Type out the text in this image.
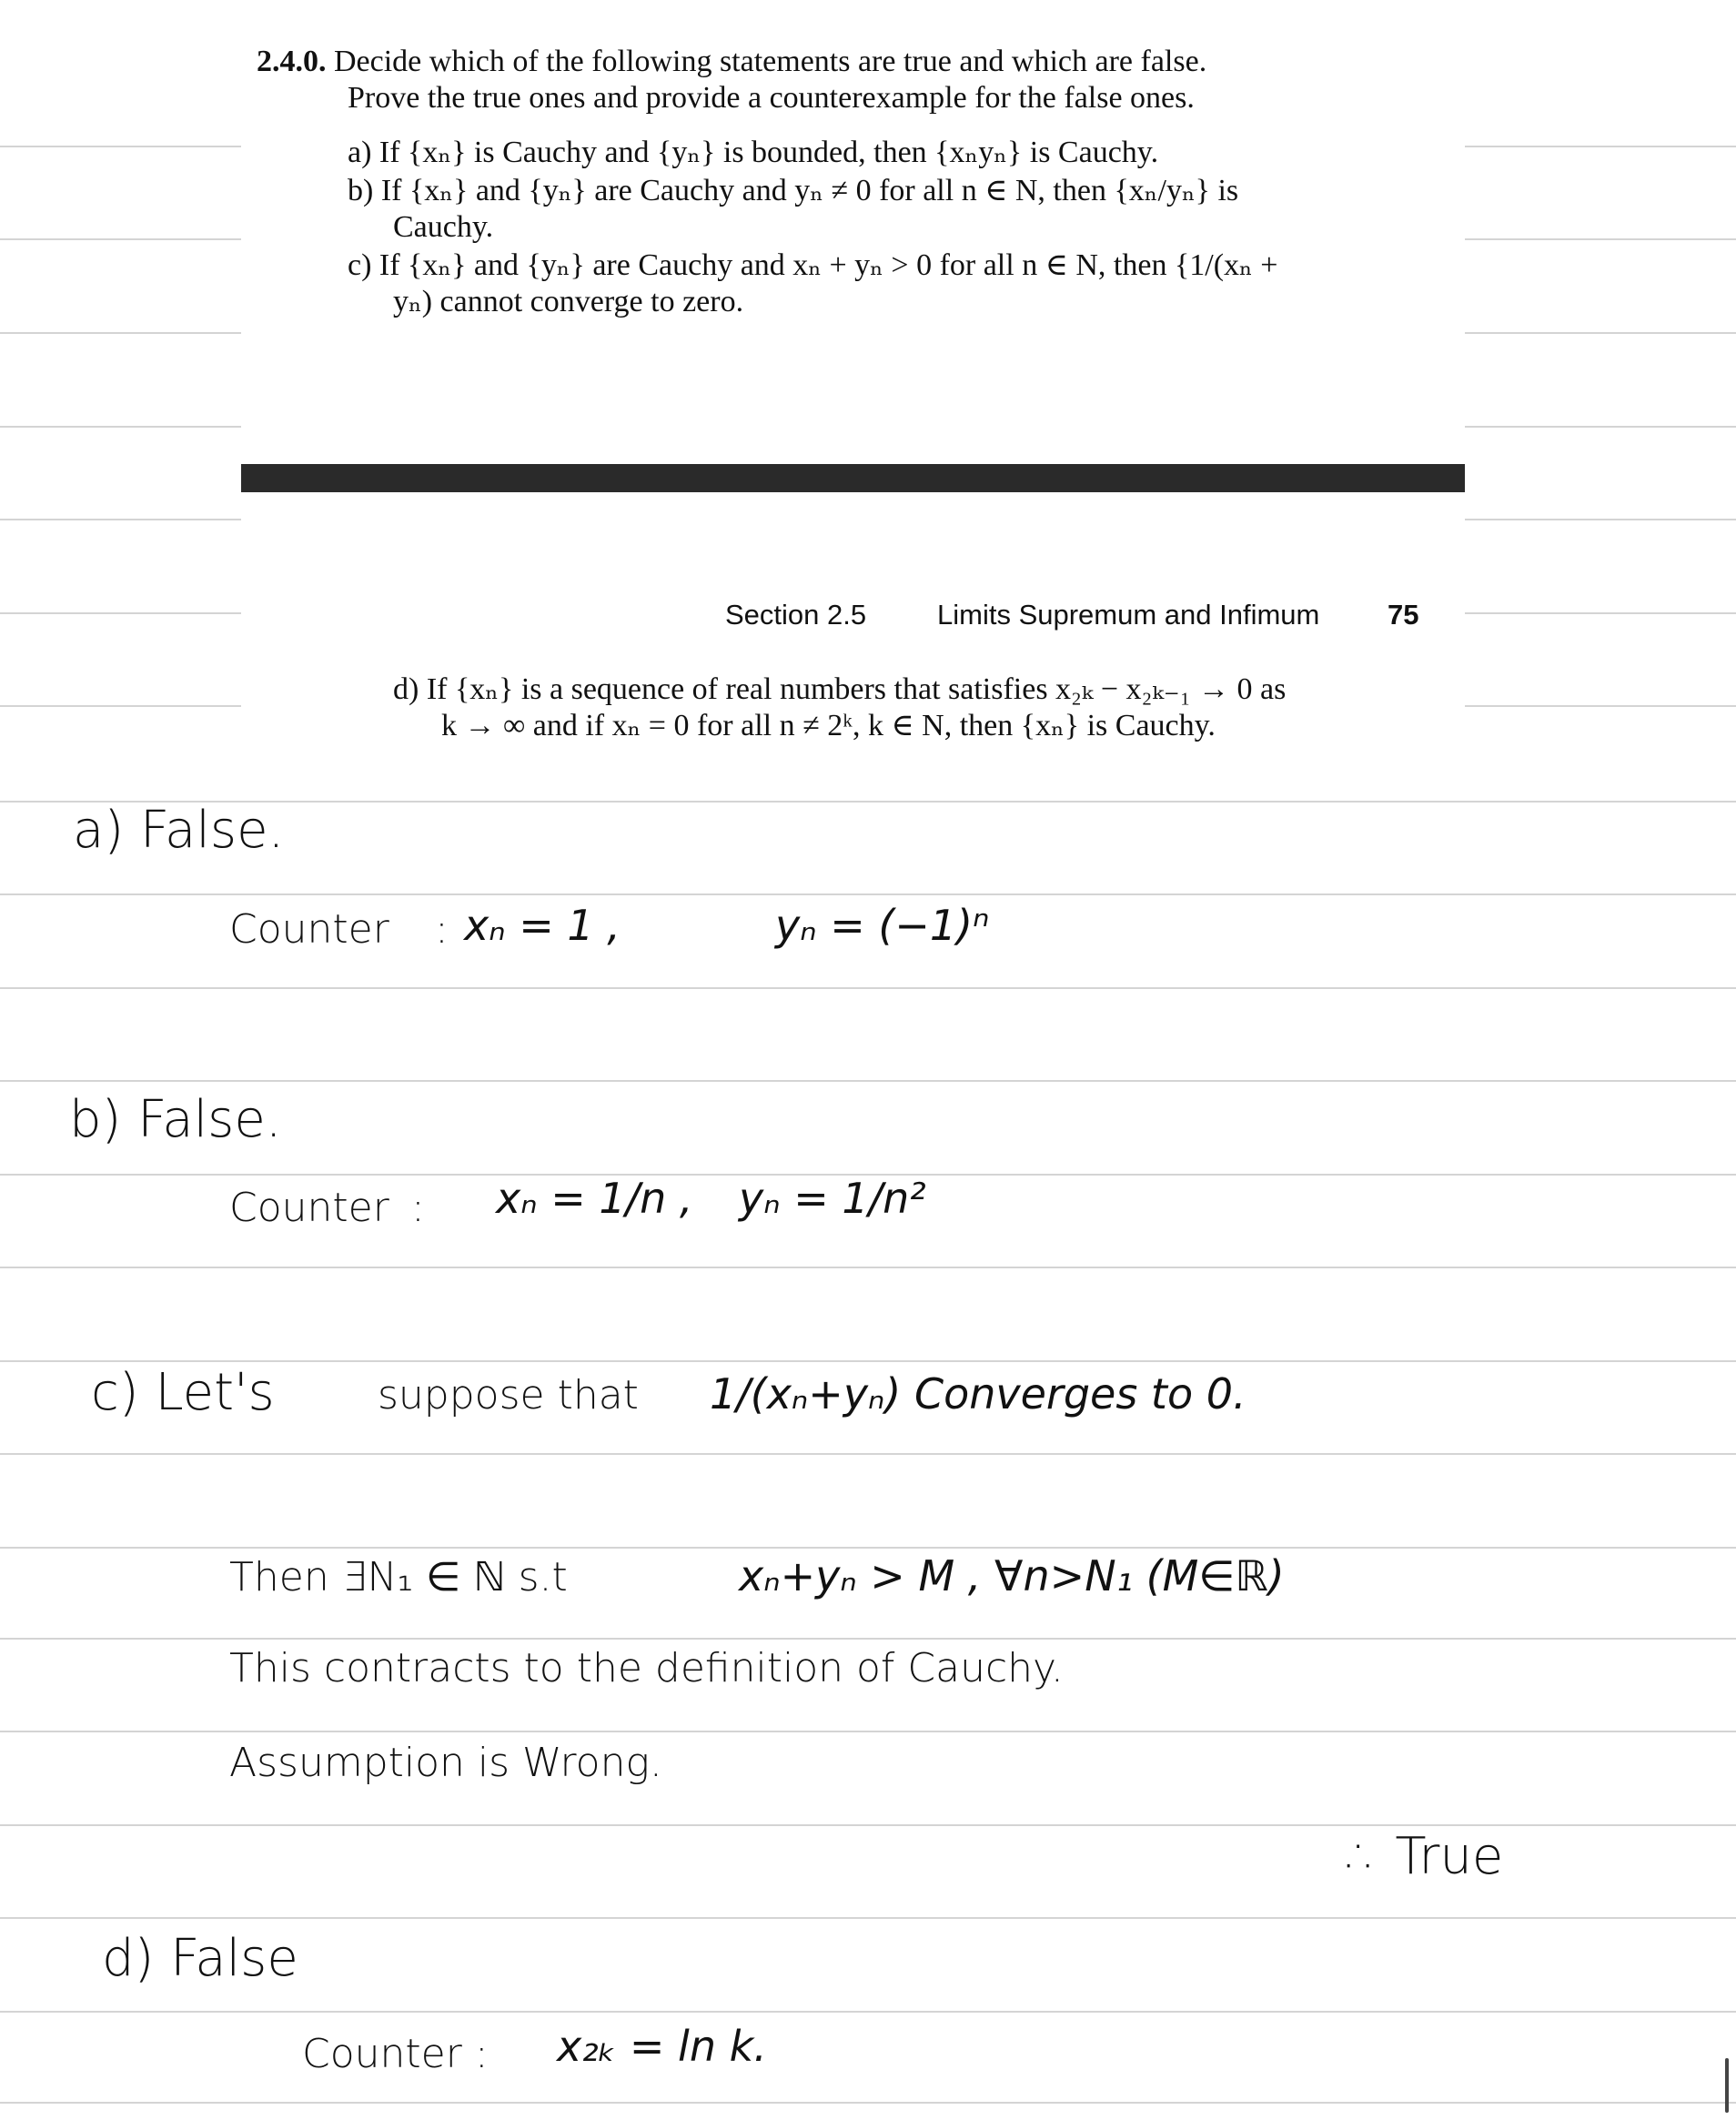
2.4.0. Decide which of the following statements are true and which are false.
Prove the true ones and provide a counterexample for the false ones.
a) If {xₙ} is Cauchy and {yₙ} is bounded, then {xₙyₙ} is Cauchy.
b) If {xₙ} and {yₙ} are Cauchy and yₙ ≠ 0 for all n ∈ N, then {xₙ/yₙ} is
Cauchy.
c) If {xₙ} and {yₙ} are Cauchy and xₙ + yₙ > 0 for all n ∈ N, then {1/(xₙ +
yₙ) cannot converge to zero.
Section 2.5	Limits Supremum and Infimum 75
d) If {xₙ} is a sequence of real numbers that satisfies x₂ₖ − x₂ₖ₋₁ → 0 as
k → ∞ and if xₙ = 0 for all n ≠ 2ᵏ, k ∈ N, then {xₙ} is Cauchy.
a) False.
Counter : xₙ = 1 ,	yₙ = (−1)ⁿ
b) False.
Counter : xₙ = 1/n , yₙ = 1/n²
c) Let's	suppose that 1/(xₙ+yₙ) Converges to 0.
Then ∃N₁ ∈ ℕ s.t	xₙ+yₙ > M , ∀n>N₁ (M∈ℝ)
This contracts to the definition of Cauchy.
Assumption is Wrong.
∴ True
d) False
Counter : x₂ₖ = ln k.
